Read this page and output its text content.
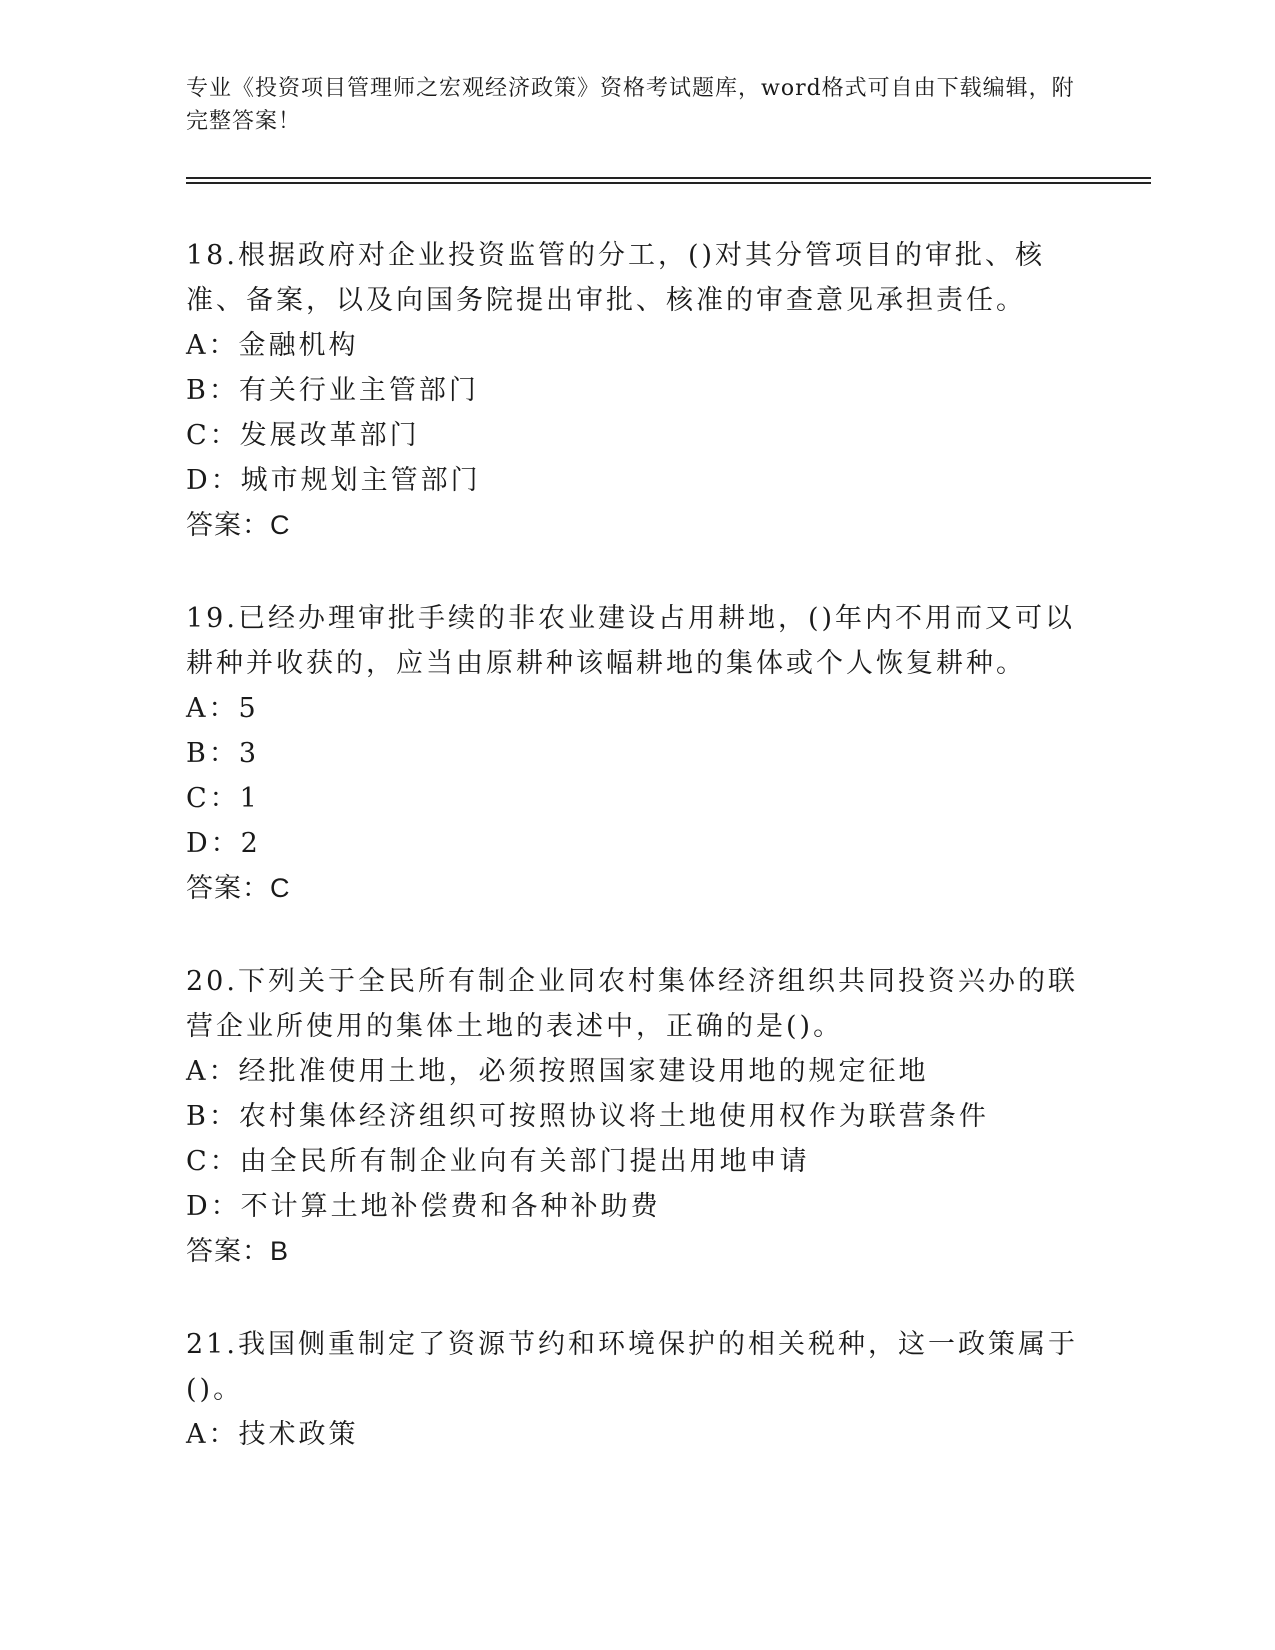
专业《投资项目管理师之宏观经济政策》资格考试题库，word格式可自由下载编辑，附完整答案！

18.根据政府对企业投资监管的分工，()对其分管项目的审批、核准、备案，以及向国务院提出审批、核准的审查意见承担责任。

A：金融机构
B：有关行业主管部门
C：发展改革部门
D：城市规划主管部门
答案：C

19.已经办理审批手续的非农业建设占用耕地，()年内不用而又可以耕种并收获的，应当由原耕种该幅耕地的集体或个人恢复耕种。

A：5
B：3
C：1
D：2
答案：C

20.下列关于全民所有制企业同农村集体经济组织共同投资兴办的联营企业所使用的集体土地的表述中，正确的是()。

A：经批准使用土地，必须按照国家建设用地的规定征地
B：农村集体经济组织可按照协议将土地使用权作为联营条件
C：由全民所有制企业向有关部门提出用地申请
D：不计算土地补偿费和各种补助费
答案：B

21.我国侧重制定了资源节约和环境保护的相关税种，这一政策属于()。

A：技术政策
